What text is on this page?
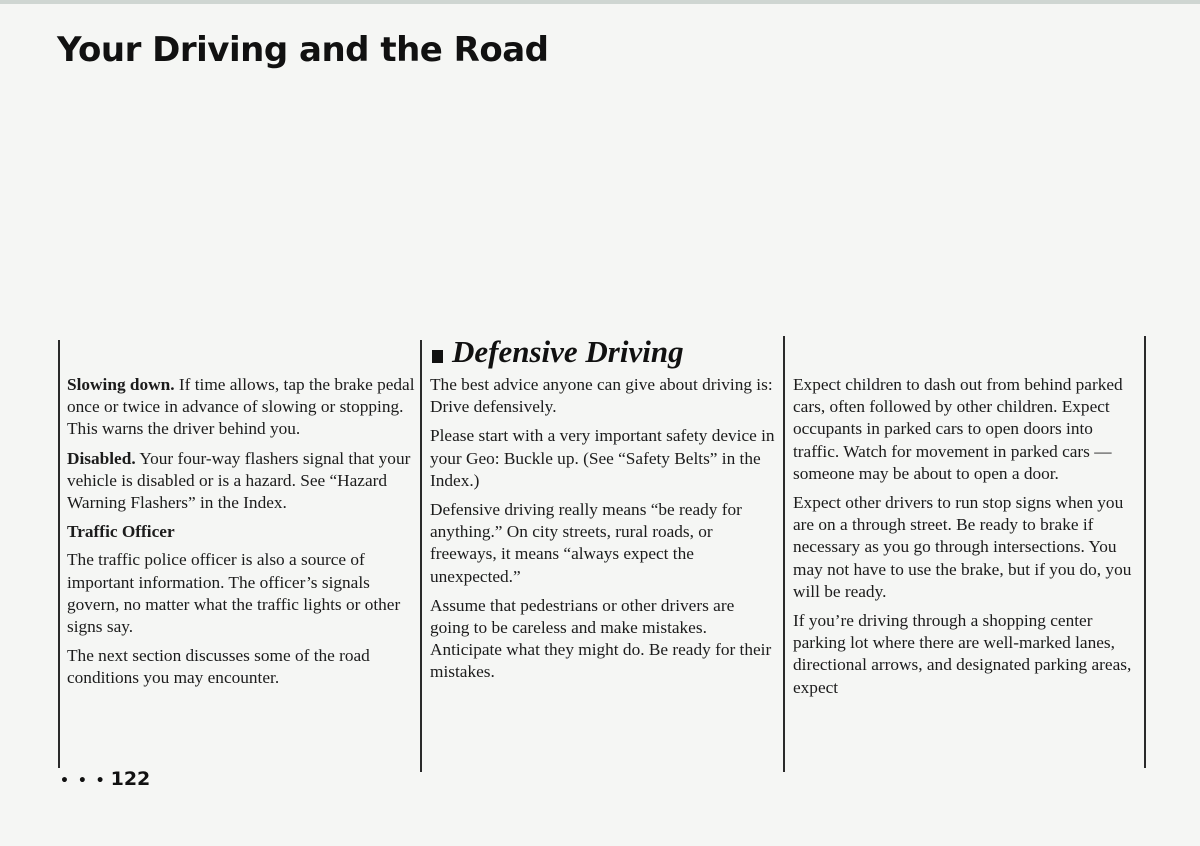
Your Driving and the Road

Slowing down. If time allows, tap the brake pedal once or twice in advance of slowing or stopping. This warns the driver behind you.

Disabled. Your four-way flashers signal that your vehicle is disabled or is a hazard. See “Hazard Warning Flashers” in the Index.

Traffic Officer

The traffic police officer is also a source of important information. The officer’s signals govern, no matter what the traffic lights or other signs say.

The next section discusses some of the road conditions you may encounter.

Defensive Driving

The best advice anyone can give about driving is: Drive defensively.

Please start with a very important safety device in your Geo: Buckle up. (See “Safety Belts” in the Index.)

Defensive driving really means “be ready for anything.” On city streets, rural roads, or freeways, it means “always expect the unexpected.”

Assume that pedestrians or other drivers are going to be careless and make mistakes. Anticipate what they might do. Be ready for their mistakes.

Expect children to dash out from behind parked cars, often followed by other children. Expect occupants in parked cars to open doors into traffic. Watch for movement in parked cars — someone may be about to open a door.

Expect other drivers to run stop signs when you are on a through street. Be ready to brake if necessary as you go through intersections. You may not have to use the brake, but if you do, you will be ready.

If you’re driving through a shopping center parking lot where there are well-marked lanes, directional arrows, and designated parking areas, expect

• • • 122
